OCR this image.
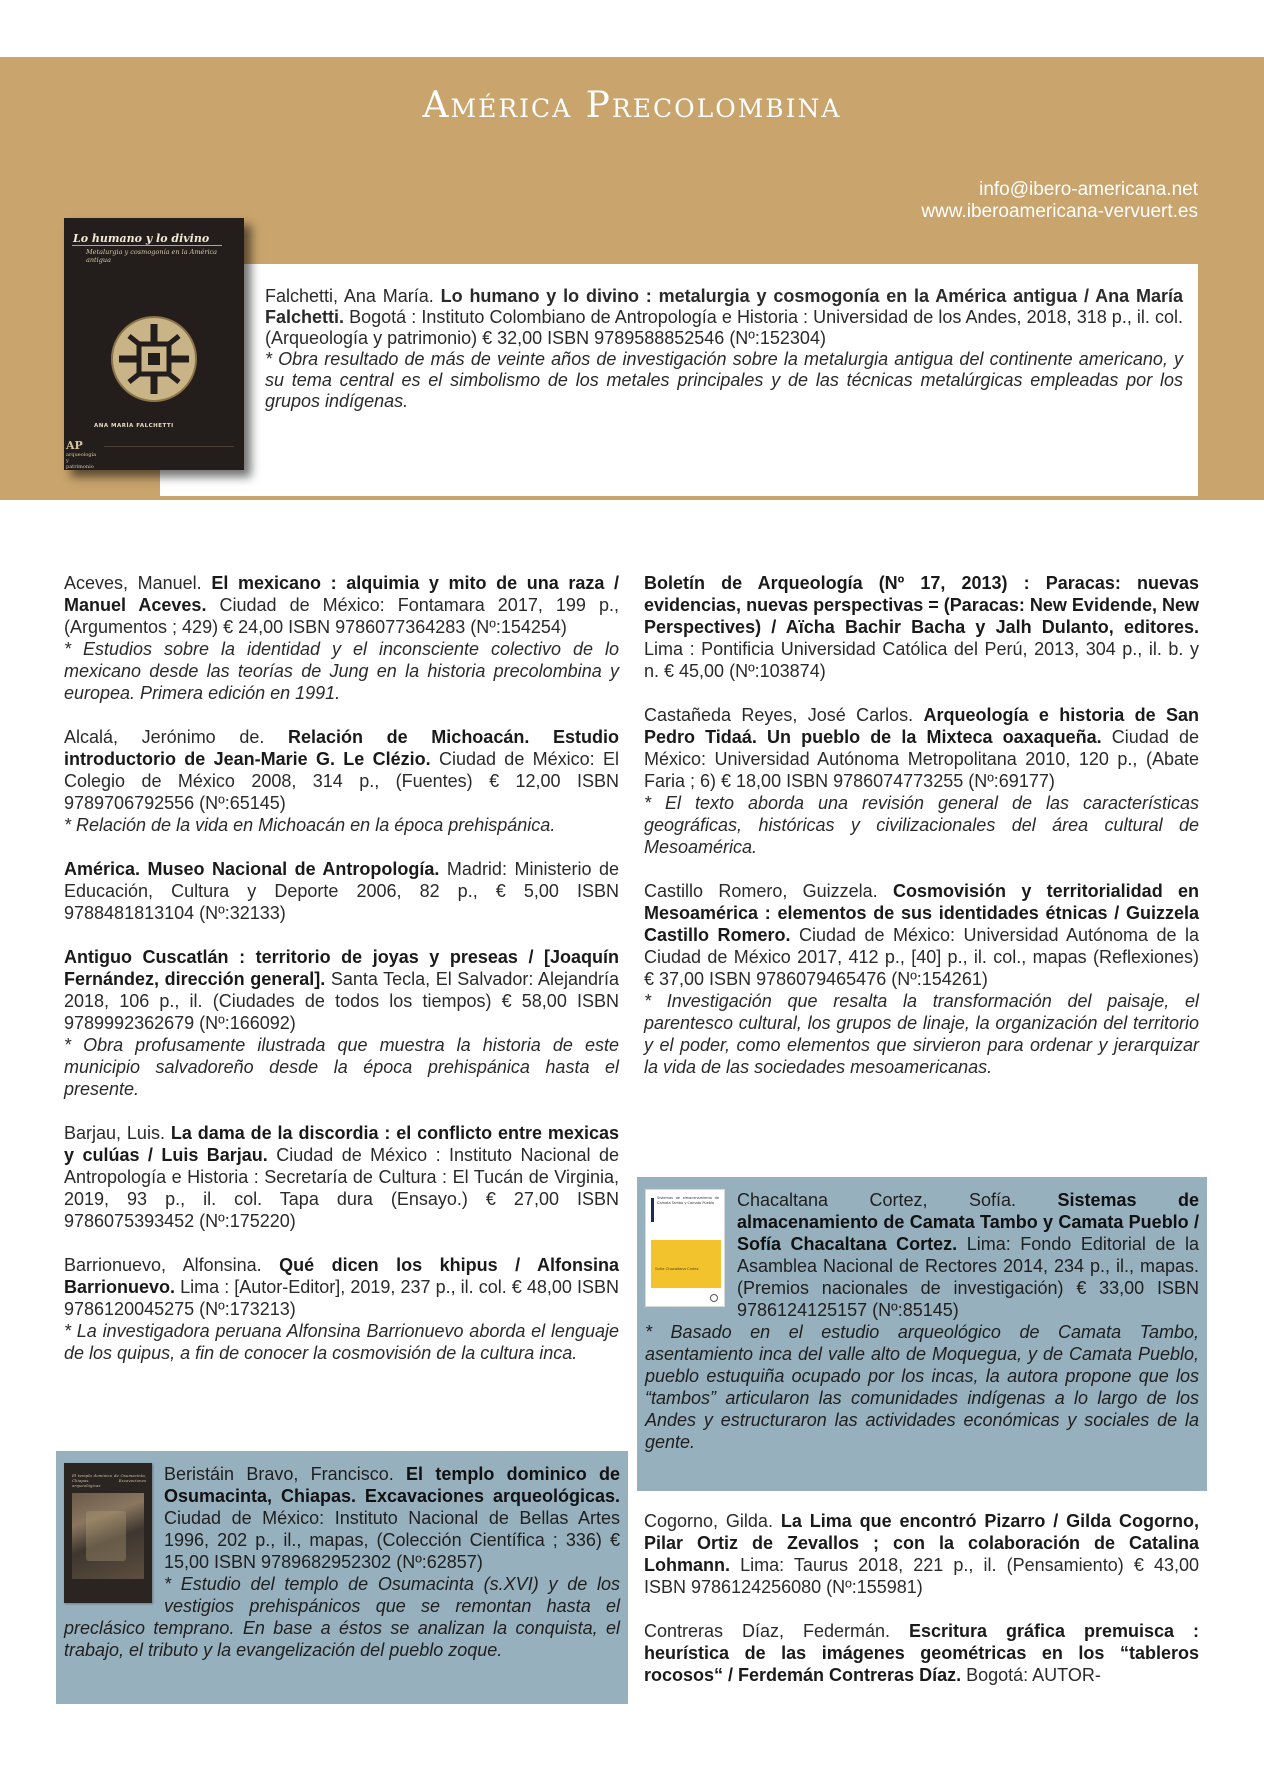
América Precolombina
info@ibero-americana.net
www.iberoamericana-vervuert.es
Falchetti, Ana María. Lo humano y lo divino : metalurgia y cosmogonía en la América antigua / Ana María Falchetti. Bogotá : Instituto Colombiano de Antropología e Historia : Universidad de los Andes, 2018, 318 p., il. col. (Arqueología y patrimonio) € 32,00 ISBN 9789588852546 (Nº:152304)
* Obra resultado de más de veinte años de investigación sobre la metalurgia antigua del continente americano, y su tema central es el simbolismo de los metales principales y de las técnicas metalúrgicas empleadas por los grupos indígenas.
Lo humano y lo divino
Metalurgia y cosmogonía en la América antigua
ANA MARÍA FALCHETTI
AP
arqueología y patrimonio
Aceves, Manuel. El mexicano : alquimia y mito de una raza / Manuel Aceves. Ciudad de México: Fontamara 2017, 199 p., (Argumentos ; 429) € 24,00 ISBN 9786077364283 (Nº:154254)
* Estudios sobre la identidad y el inconsciente colectivo de lo mexicano desde las teorías de Jung en la historia precolombina y europea. Primera edición en 1991.
Alcalá, Jerónimo de. Relación de Michoacán. Estudio introductorio de Jean-Marie G. Le Clézio. Ciudad de México: El Colegio de México 2008, 314 p., (Fuentes) € 12,00 ISBN 9789706792556 (Nº:65145)
* Relación de la vida en Michoacán en la época prehispánica.
América. Museo Nacional de Antropología. Madrid: Ministerio de Educación, Cultura y Deporte 2006, 82 p., € 5,00 ISBN 9788481813104 (Nº:32133)
Antiguo Cuscatlán : territorio de joyas y preseas / [Joaquín Fernández, dirección general]. Santa Tecla, El Salvador: Alejandría 2018, 106 p., il. (Ciudades de todos los tiempos) € 58,00 ISBN 9789992362679 (Nº:166092)
* Obra profusamente ilustrada que muestra la historia de este municipio salvadoreño desde la época prehispánica hasta el presente.
Barjau, Luis. La dama de la discordia : el conflicto entre mexicas y culúas / Luis Barjau. Ciudad de México : Instituto Nacional de Antropología e Historia : Secretaría de Cultura : El Tucán de Virginia, 2019, 93 p., il. col. Tapa dura (Ensayo.) € 27,00 ISBN 9786075393452 (Nº:175220)
Barrionuevo, Alfonsina. Qué dicen los khipus / Alfonsina Barrionuevo. Lima : [Autor-Editor], 2019, 237 p., il. col. € 48,00 ISBN 9786120045275 (Nº:173213)
* La investigadora peruana Alfonsina Barrionuevo aborda el lenguaje de los quipus, a fin de conocer la cosmovisión de la cultura inca.
El templo dominico de Osumacinta, Chiapas. Excavaciones arqueológicas
Beristáin Bravo, Francisco. El templo dominico de Osumacinta, Chiapas. Excavaciones arqueológicas. Ciudad de México: Instituto Nacional de Bellas Artes 1996, 202 p., il., mapas, (Colección Científica ; 336) € 15,00 ISBN 9789682952302 (Nº:62857)
* Estudio del templo de Osumacinta (s.XVI) y de los vestigios prehispánicos que se remontan hasta el preclásico temprano. En base a éstos se analizan la conquista, el trabajo, el tributo y la evangelización del pueblo zoque.
Boletín de Arqueología (Nº 17, 2013) : Paracas: nuevas evidencias, nuevas perspectivas = (Paracas: New Evidende, New Perspectives) / Aïcha Bachir Bacha y Jalh Dulanto, editores. Lima : Pontificia Universidad Católica del Perú, 2013, 304 p., il. b. y n. € 45,00 (Nº:103874)
Castañeda Reyes, José Carlos. Arqueología e historia de San Pedro Tidaá. Un pueblo de la Mixteca oaxaqueña. Ciudad de México: Universidad Autónoma Metropolitana 2010, 120 p., (Abate Faria ; 6) € 18,00 ISBN 9786074773255 (Nº:69177)
* El texto aborda una revisión general de las características geográficas, históricas y civilizacionales del área cultural de Mesoamérica.
Castillo Romero, Guizzela. Cosmovisión y territorialidad en Mesoamérica : elementos de sus identidades étnicas / Guizzela Castillo Romero. Ciudad de México: Universidad Autónoma de la Ciudad de México 2017, 412 p., [40] p., il. col., mapas (Reflexiones) € 37,00 ISBN 9786079465476 (Nº:154261)
* Investigación que resalta la transformación del paisaje, el parentesco cultural, los grupos de linaje, la organización del territorio y el poder, como elementos que sirvieron para ordenar y jerarquizar la vida de las sociedades mesoamericanas.
Sistemas de almacenamiento de Camata Tambo y Camata Pueblo
Sofía Chacaltana Cortez
Chacaltana Cortez, Sofía. Sistemas de almacenamiento de Camata Tambo y Camata Pueblo / Sofía Chacaltana Cortez. Lima: Fondo Editorial de la Asamblea Nacional de Rectores 2014, 234 p., il., mapas. (Premios nacionales de investigación) € 33,00 ISBN 9786124125157 (Nº:85145)
* Basado en el estudio arqueológico de Camata Tambo, asentamiento inca del valle alto de Moquegua, y de Camata Pueblo, pueblo estuquiña ocupado por los incas, la autora propone que los “tambos” articularon las comunidades indígenas a lo largo de los Andes y estructuraron las actividades económicas y sociales de la gente.
Cogorno, Gilda. La Lima que encontró Pizarro / Gilda Cogorno, Pilar Ortiz de Zevallos ; con la colaboración de Catalina Lohmann. Lima: Taurus 2018, 221 p., il. (Pensamiento) € 43,00 ISBN 9786124256080 (Nº:155981)
Contreras Díaz, Federmán. Escritura gráfica premuisca : heurística de las imágenes geométricas en los “tableros rocosos“ / Ferdemán Contreras Díaz. Bogotá: AUTOR-
